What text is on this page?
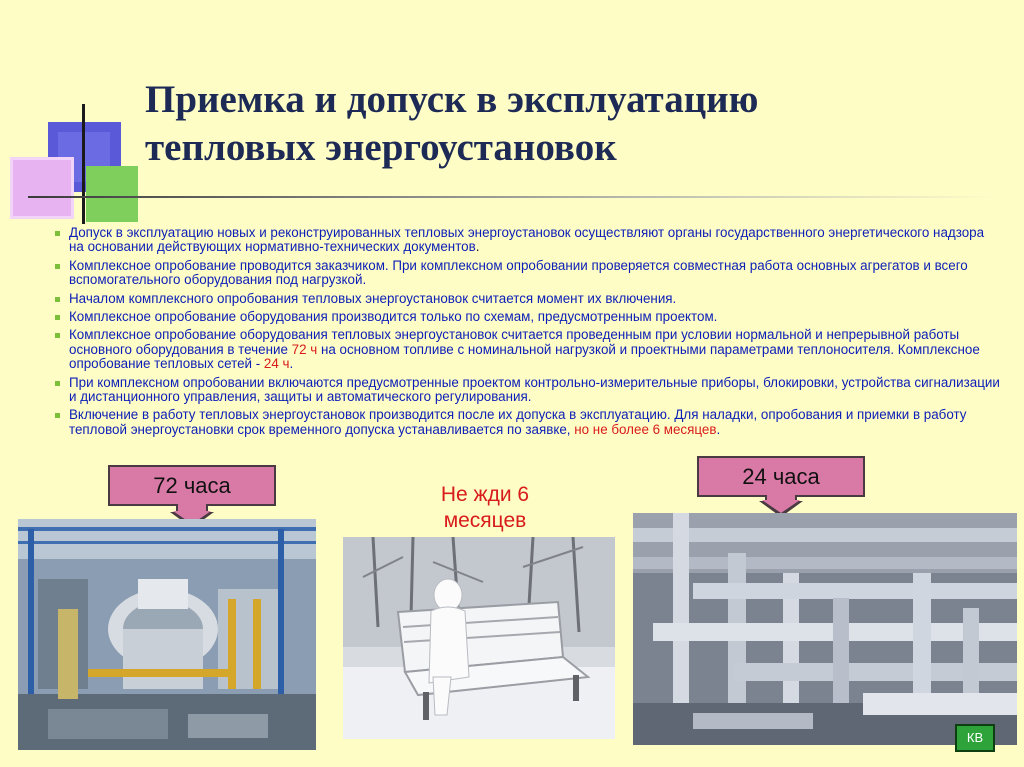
Приемка и допуск в эксплуатацию
тепловых энергоустановок
Допуск в эксплуатацию новых и реконструированных тепловых энергоустановок осуществляют органы государственного энергетического надзора на основании действующих нормативно-технических документов.
Комплексное опробование проводится заказчиком. При комплексном опробовании проверяется совместная работа основных агрегатов и всего вспомогательного оборудования под нагрузкой.
Началом комплексного опробования тепловых энергоустановок считается момент их включения.
Комплексное опробование оборудования производится только по схемам, предусмотренным проектом.
Комплексное опробование оборудования тепловых энергоустановок считается проведенным при условии нормальной и непрерывной работы основного оборудования в течение 72 ч на основном топливе с номинальной нагрузкой и проектными параметрами теплоносителя. Комплексное опробование тепловых сетей - 24 ч.
При комплексном опробовании включаются предусмотренные проектом контрольно-измерительные приборы, блокировки, устройства сигнализации и дистанционного управления, защиты и автоматического регулирования.
Включение в работу тепловых энергоустановок производится после их допуска в эксплуатацию. Для наладки, опробования и приемки в работу тепловой энергоустановки срок временного допуска устанавливается по заявке, но не более 6 месяцев.
72 часа	24 часа
Не жди 6
месяцев
КВ
